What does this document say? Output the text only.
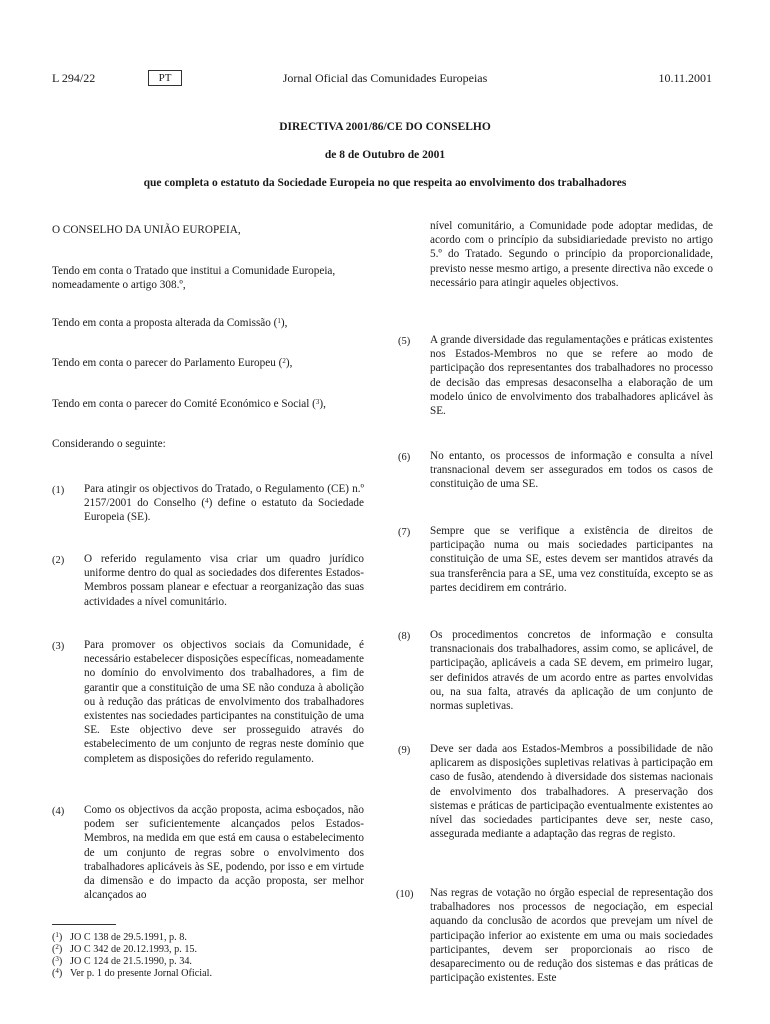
L 294/22	PT	Jornal Oficial das Comunidades Europeias	10.11.2001
DIRECTIVA 2001/86/CE DO CONSELHO
de 8 de Outubro de 2001
que completa o estatuto da Sociedade Europeia no que respeita ao envolvimento dos trabalhadores
O CONSELHO DA UNIÃO EUROPEIA,
Tendo em conta o Tratado que institui a Comunidade Europeia, nomeadamente o artigo 308.º,
Tendo em conta a proposta alterada da Comissão ($^1$),
Tendo em conta o parecer do Parlamento Europeu ($^2$),
Tendo em conta o parecer do Comité Económico e Social ($^3$),
Considerando o seguinte:
(1) Para atingir os objectivos do Tratado, o Regulamento (CE) n.º 2157/2001 do Conselho ($^4$) define o estatuto da Sociedade Europeia (SE).
(2) O referido regulamento visa criar um quadro jurídico uniforme dentro do qual as sociedades dos diferentes Estados-Membros possam planear e efectuar a reorganização das suas actividades a nível comunitário.
(3) Para promover os objectivos sociais da Comunidade, é necessário estabelecer disposições específicas, nomeadamente no domínio do envolvimento dos trabalhadores, a fim de garantir que a constituição de uma SE não conduza à abolição ou à redução das práticas de envolvimento dos trabalhadores existentes nas sociedades participantes na constituição de uma SE. Este objectivo deve ser prosseguido através do estabelecimento de um conjunto de regras neste domínio que completem as disposições do referido regulamento.
(4) Como os objectivos da acção proposta, acima esboçados, não podem ser suficientemente alcançados pelos Estados-Membros, na medida em que está em causa o estabelecimento de um conjunto de regras sobre o envolvimento dos trabalhadores aplicáveis às SE, podendo, por isso e em virtude da dimensão e do impacto da acção proposta, ser melhor alcançados ao
($^1$) JO C 138 de 29.5.1991, p. 8.
($^2$) JO C 342 de 20.12.1993, p. 15.
($^3$) JO C 124 de 21.5.1990, p. 34.
($^4$) Ver p. 1 do presente Jornal Oficial.
nível comunitário, a Comunidade pode adoptar medidas, de acordo com o princípio da subsidiariedade previsto no artigo 5.º do Tratado. Segundo o princípio da proporcionalidade, previsto nesse mesmo artigo, a presente directiva não excede o necessário para atingir aqueles objectivos.
(5) A grande diversidade das regulamentações e práticas existentes nos Estados-Membros no que se refere ao modo de participação dos representantes dos trabalhadores no processo de decisão das empresas desaconselha a elaboração de um modelo único de envolvimento dos trabalhadores aplicável às SE.
(6) No entanto, os processos de informação e consulta a nível transnacional devem ser assegurados em todos os casos de constituição de uma SE.
(7) Sempre que se verifique a existência de direitos de participação numa ou mais sociedades participantes na constituição de uma SE, estes devem ser mantidos através da sua transferência para a SE, uma vez constituída, excepto se as partes decidirem em contrário.
(8) Os procedimentos concretos de informação e consulta transnacionais dos trabalhadores, assim como, se aplicável, de participação, aplicáveis a cada SE devem, em primeiro lugar, ser definidos através de um acordo entre as partes envolvidas ou, na sua falta, através da aplicação de um conjunto de normas supletivas.
(9) Deve ser dada aos Estados-Membros a possibilidade de não aplicarem as disposições supletivas relativas à participação em caso de fusão, atendendo à diversidade dos sistemas nacionais de envolvimento dos trabalhadores. A preservação dos sistemas e práticas de participação eventualmente existentes ao nível das sociedades participantes deve ser, neste caso, assegurada mediante a adaptação das regras de registo.
(10) Nas regras de votação no órgão especial de representação dos trabalhadores nos processos de negociação, em especial aquando da conclusão de acordos que prevejam um nível de participação inferior ao existente em uma ou mais sociedades participantes, devem ser proporcionais ao risco de desaparecimento ou de redução dos sistemas e das práticas de participação existentes. Este
